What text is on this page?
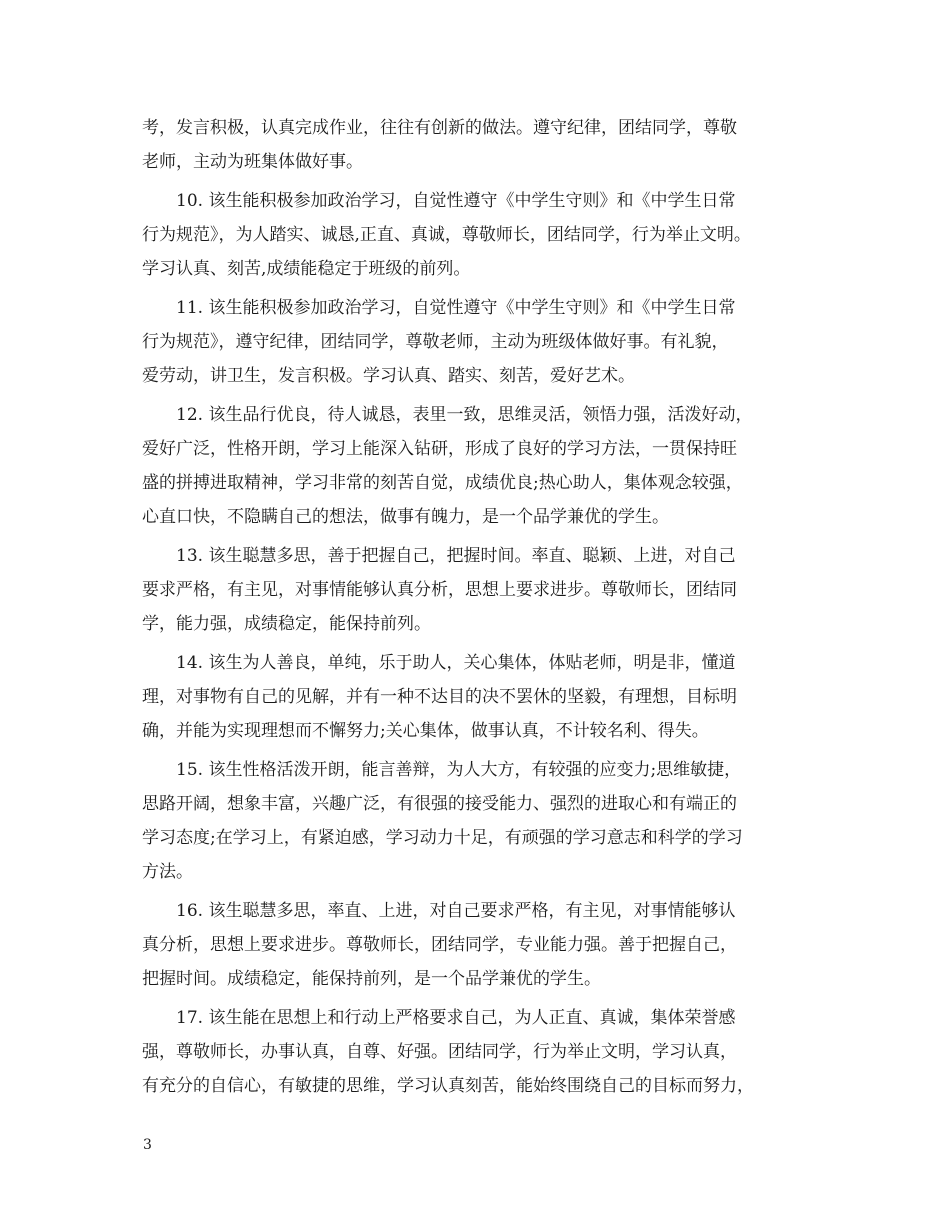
考，发言积极，认真完成作业，往往有创新的做法。遵守纪律，团结同学，尊敬
老师，主动为班集体做好事。

10. 该生能积极参加政治学习，自觉性遵守《中学生守则》和《中学生日常
行为规范》，为人踏实、诚恳,正直、真诚，尊敬师长，团结同学，行为举止文明。
学习认真、刻苦,成绩能稳定于班级的前列。

11. 该生能积极参加政治学习，自觉性遵守《中学生守则》和《中学生日常
行为规范》，遵守纪律，团结同学，尊敬老师，主动为班级体做好事。有礼貌，
爱劳动，讲卫生，发言积极。学习认真、踏实、刻苦，爱好艺术。

12. 该生品行优良，待人诚恳，表里一致，思维灵活，领悟力强，活泼好动，
爱好广泛，性格开朗，学习上能深入钻研，形成了良好的学习方法，一贯保持旺
盛的拼搏进取精神，学习非常的刻苦自觉，成绩优良;热心助人，集体观念较强，
心直口快，不隐瞒自己的想法，做事有魄力，是一个品学兼优的学生。

13. 该生聪慧多思，善于把握自己，把握时间。率直、聪颖、上进，对自己
要求严格，有主见，对事情能够认真分析，思想上要求进步。尊敬师长，团结同
学，能力强，成绩稳定，能保持前列。

14. 该生为人善良，单纯，乐于助人，关心集体，体贴老师，明是非，懂道
理，对事物有自己的见解，并有一种不达目的决不罢休的坚毅，有理想，目标明
确，并能为实现理想而不懈努力;关心集体，做事认真，不计较名利、得失。

15. 该生性格活泼开朗，能言善辩，为人大方，有较强的应变力;思维敏捷，
思路开阔，想象丰富，兴趣广泛，有很强的接受能力、强烈的进取心和有端正的
学习态度;在学习上，有紧迫感，学习动力十足，有顽强的学习意志和科学的学习
方法。

16. 该生聪慧多思，率直、上进，对自己要求严格，有主见，对事情能够认
真分析，思想上要求进步。尊敬师长，团结同学，专业能力强。善于把握自己，
把握时间。成绩稳定，能保持前列，是一个品学兼优的学生。

17. 该生能在思想上和行动上严格要求自己，为人正直、真诚，集体荣誉感
强，尊敬师长，办事认真，自尊、好强。团结同学，行为举止文明，学习认真，
有充分的自信心，有敏捷的思维，学习认真刻苦，能始终围绕自己的目标而努力，

3
